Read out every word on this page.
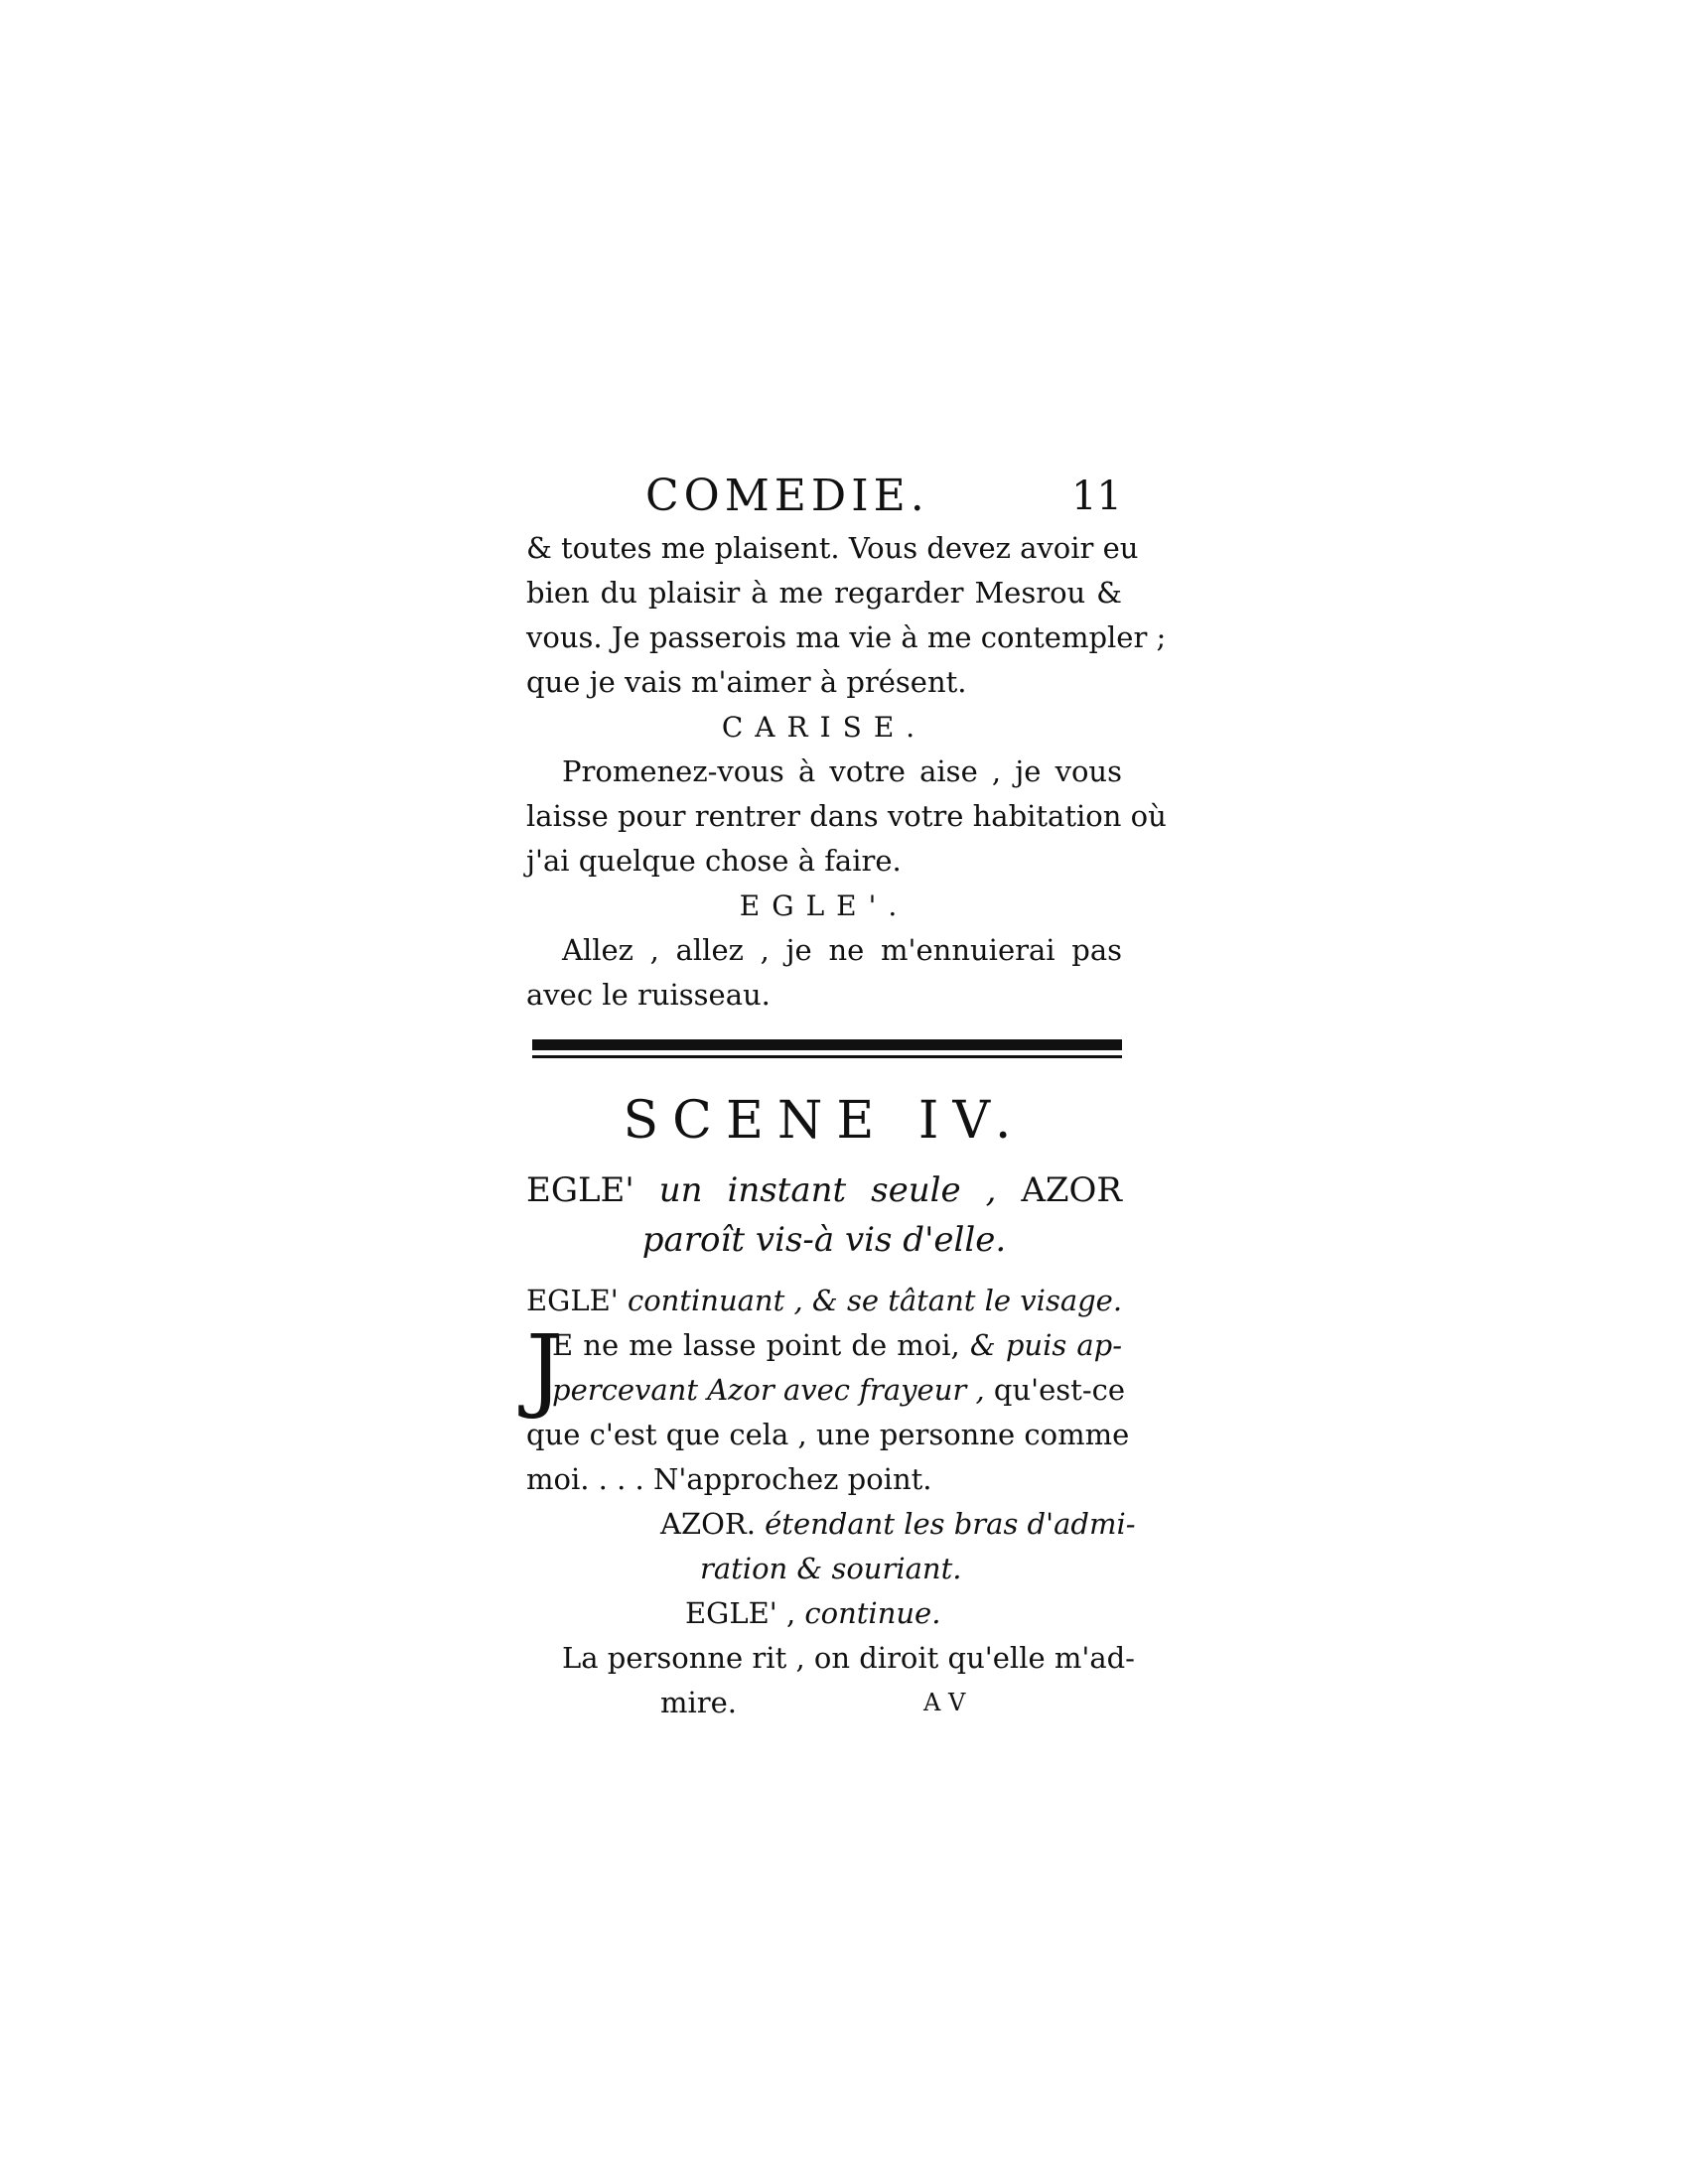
COMEDIE.	11
& toutes me plaisent. Vous devez avoir eu
bien du plaisir à me regarder Mesrou &
vous. Je passerois ma vie à me contempler ;
que je vais m'aimer à présent.
CARISE.
Promenez-vous à votre aise , je vous
laisse pour rentrer dans votre habitation où
j'ai quelque chose à faire.
EGLE'.
Allez , allez , je ne m'ennuierai pas
avec le ruisseau.
SCENE IV.
EGLE' un instant seule , AZOR
paroît vis-à vis d'elle.
EGLE' continuant , & se tâtant le visage.
J
E ne me lasse point de moi, & puis ap-
percevant Azor avec frayeur , qu'est-ce
que c'est que cela , une personne comme
moi. . . . N'approchez point.
AZOR. étendant les bras d'admi-
ration & souriant.
EGLE' , continue.
La personne rit , on diroit qu'elle m'ad-
mire.	A V
